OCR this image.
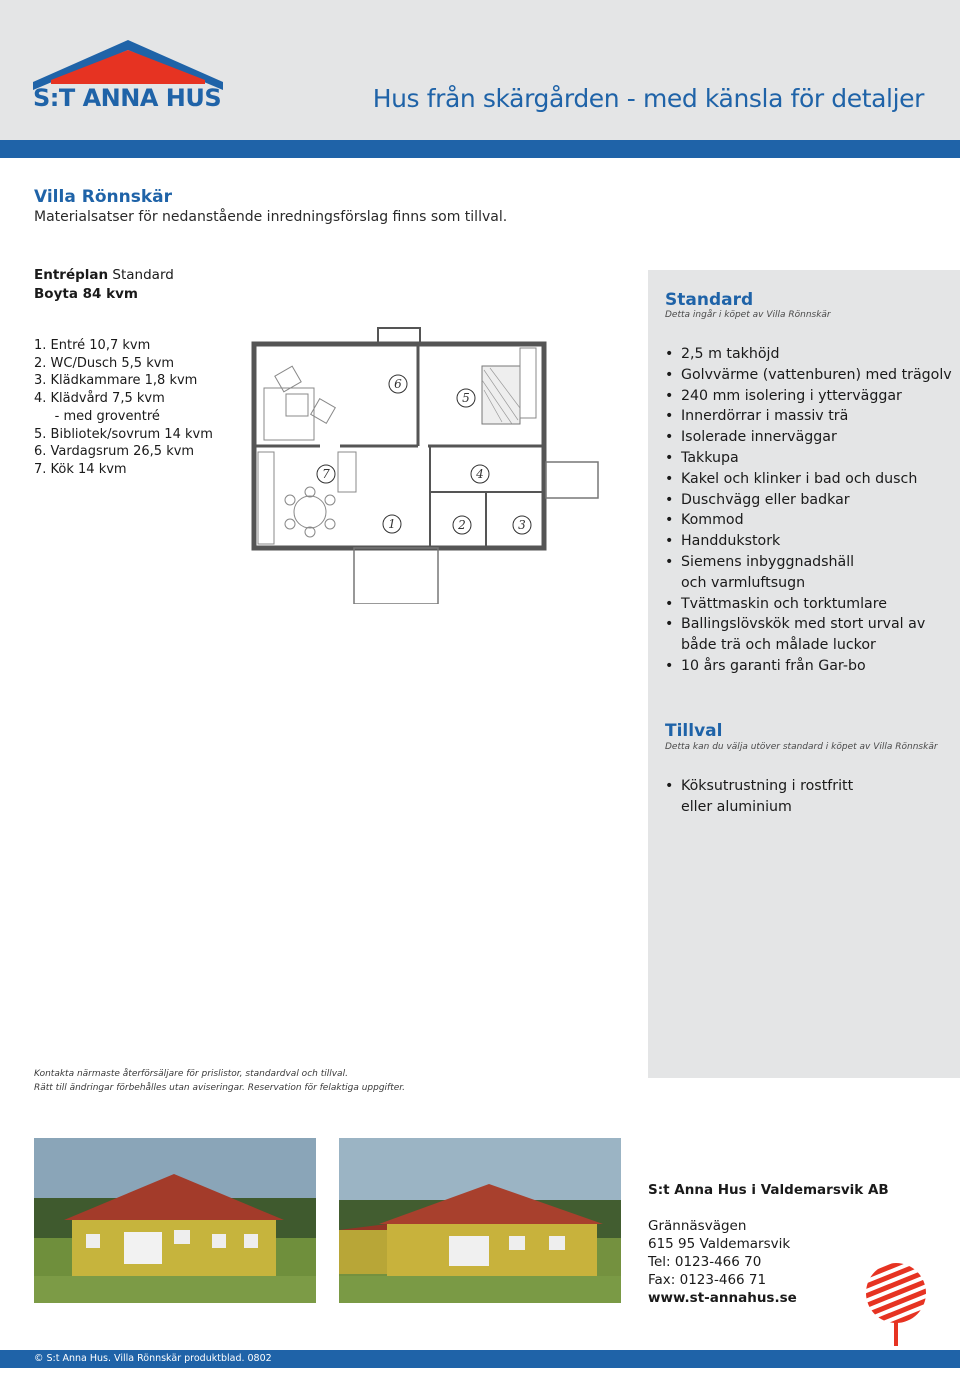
S:T ANNA HUS	Hus från skärgården - med känsla för detaljer
Villa Rönnskär
Materialsatser för nedanstående inredningsförslag finns som tillval.
Entréplan Standard
Boyta 84 kvm
1. Entré 10,7 kvm
2. WC/Dusch 5,5 kvm
3. Klädkammare 1,8 kvm
4. Klädvård 7,5 kvm
- med groventré
5. Bibliotek/sovrum 14 kvm
6. Vardagsrum 26,5 kvm
7. Kök 14 kvm
1	2	3
4
5
6
7
Standard
Detta ingår i köpet av Villa Rönnskär
• 2,5 m takhöjd
• Golvvärme (vattenburen) med trägolv
• 240 mm isolering i ytterväggar
• Innerdörrar i massiv trä
• Isolerade innerväggar
• Takkupa
• Kakel och klinker i bad och dusch
• Duschvägg eller badkar
• Kommod
• Handdukstork
• Siemens inbyggnadshäll
och varmluftsugn
• Tvättmaskin och torktumlare
• Ballingslövskök med stort urval av
både trä och målade luckor
• 10 års garanti från Gar-bo
Tillval
Detta kan du välja utöver standard i köpet av Villa Rönnskär
• Köksutrustning i rostfritt
eller aluminium
Kontakta närmaste återförsäljare för prislistor, standardval och tillval.
Rätt till ändringar förbehålles utan aviseringar. Reservation för felaktiga uppgifter.
S:t Anna Hus i Valdemarsvik AB
Grännäsvägen
615 95 Valdemarsvik
Tel: 0123-466 70
Fax: 0123-466 71
www.st-annahus.se
© S:t Anna Hus. Villa Rönnskär produktblad. 0802
